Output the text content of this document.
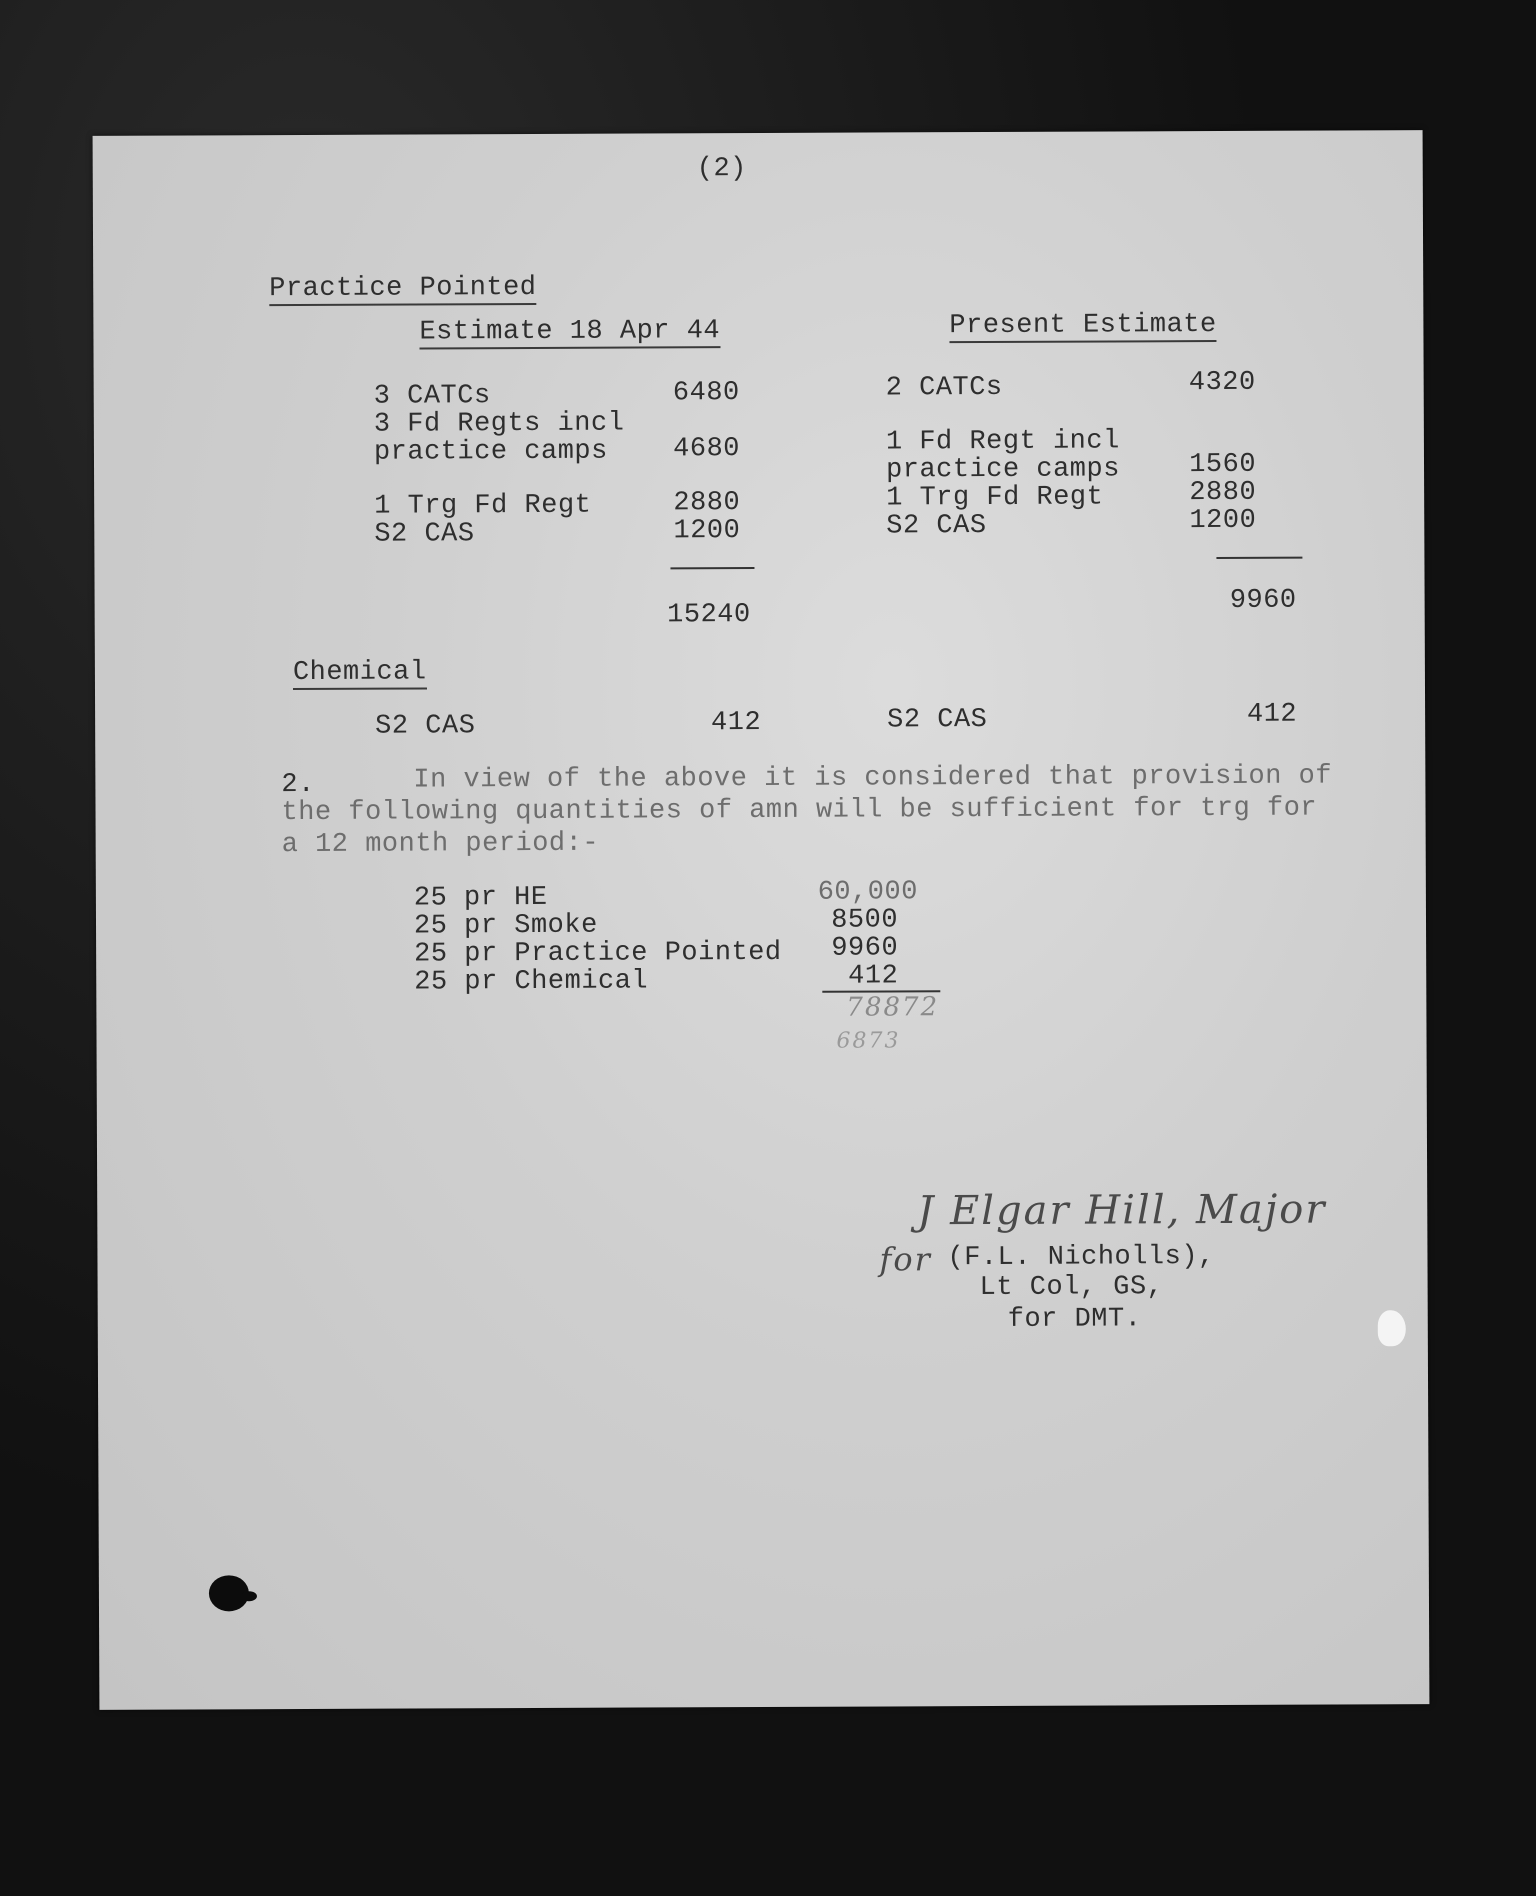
(2)
Practice Pointed
Estimate 18 Apr 44	Present Estimate
3 CATCs	6480
3 Fd Regts incl
practice camps	4680
1 Trg Fd Regt	2880
S2 CAS	1200
15240
2 CATCs	4320
1 Fd Regt incl
practice camps	1560
1 Trg Fd Regt	2880
S2 CAS	1200
9960
Chemical
S2 CAS	412	S2 CAS	412
2.	In view of the above it is considered that provision of
the following quantities of amn will be sufficient for trg for
a 12 month period:-
25 pr HE	60,000
25 pr Smoke	8500
25 pr Practice Pointed	9960
25 pr Chemical	412
78872
6873
J Elgar Hill, Major
for (F.L. Nicholls),
Lt Col, GS,
for DMT.
